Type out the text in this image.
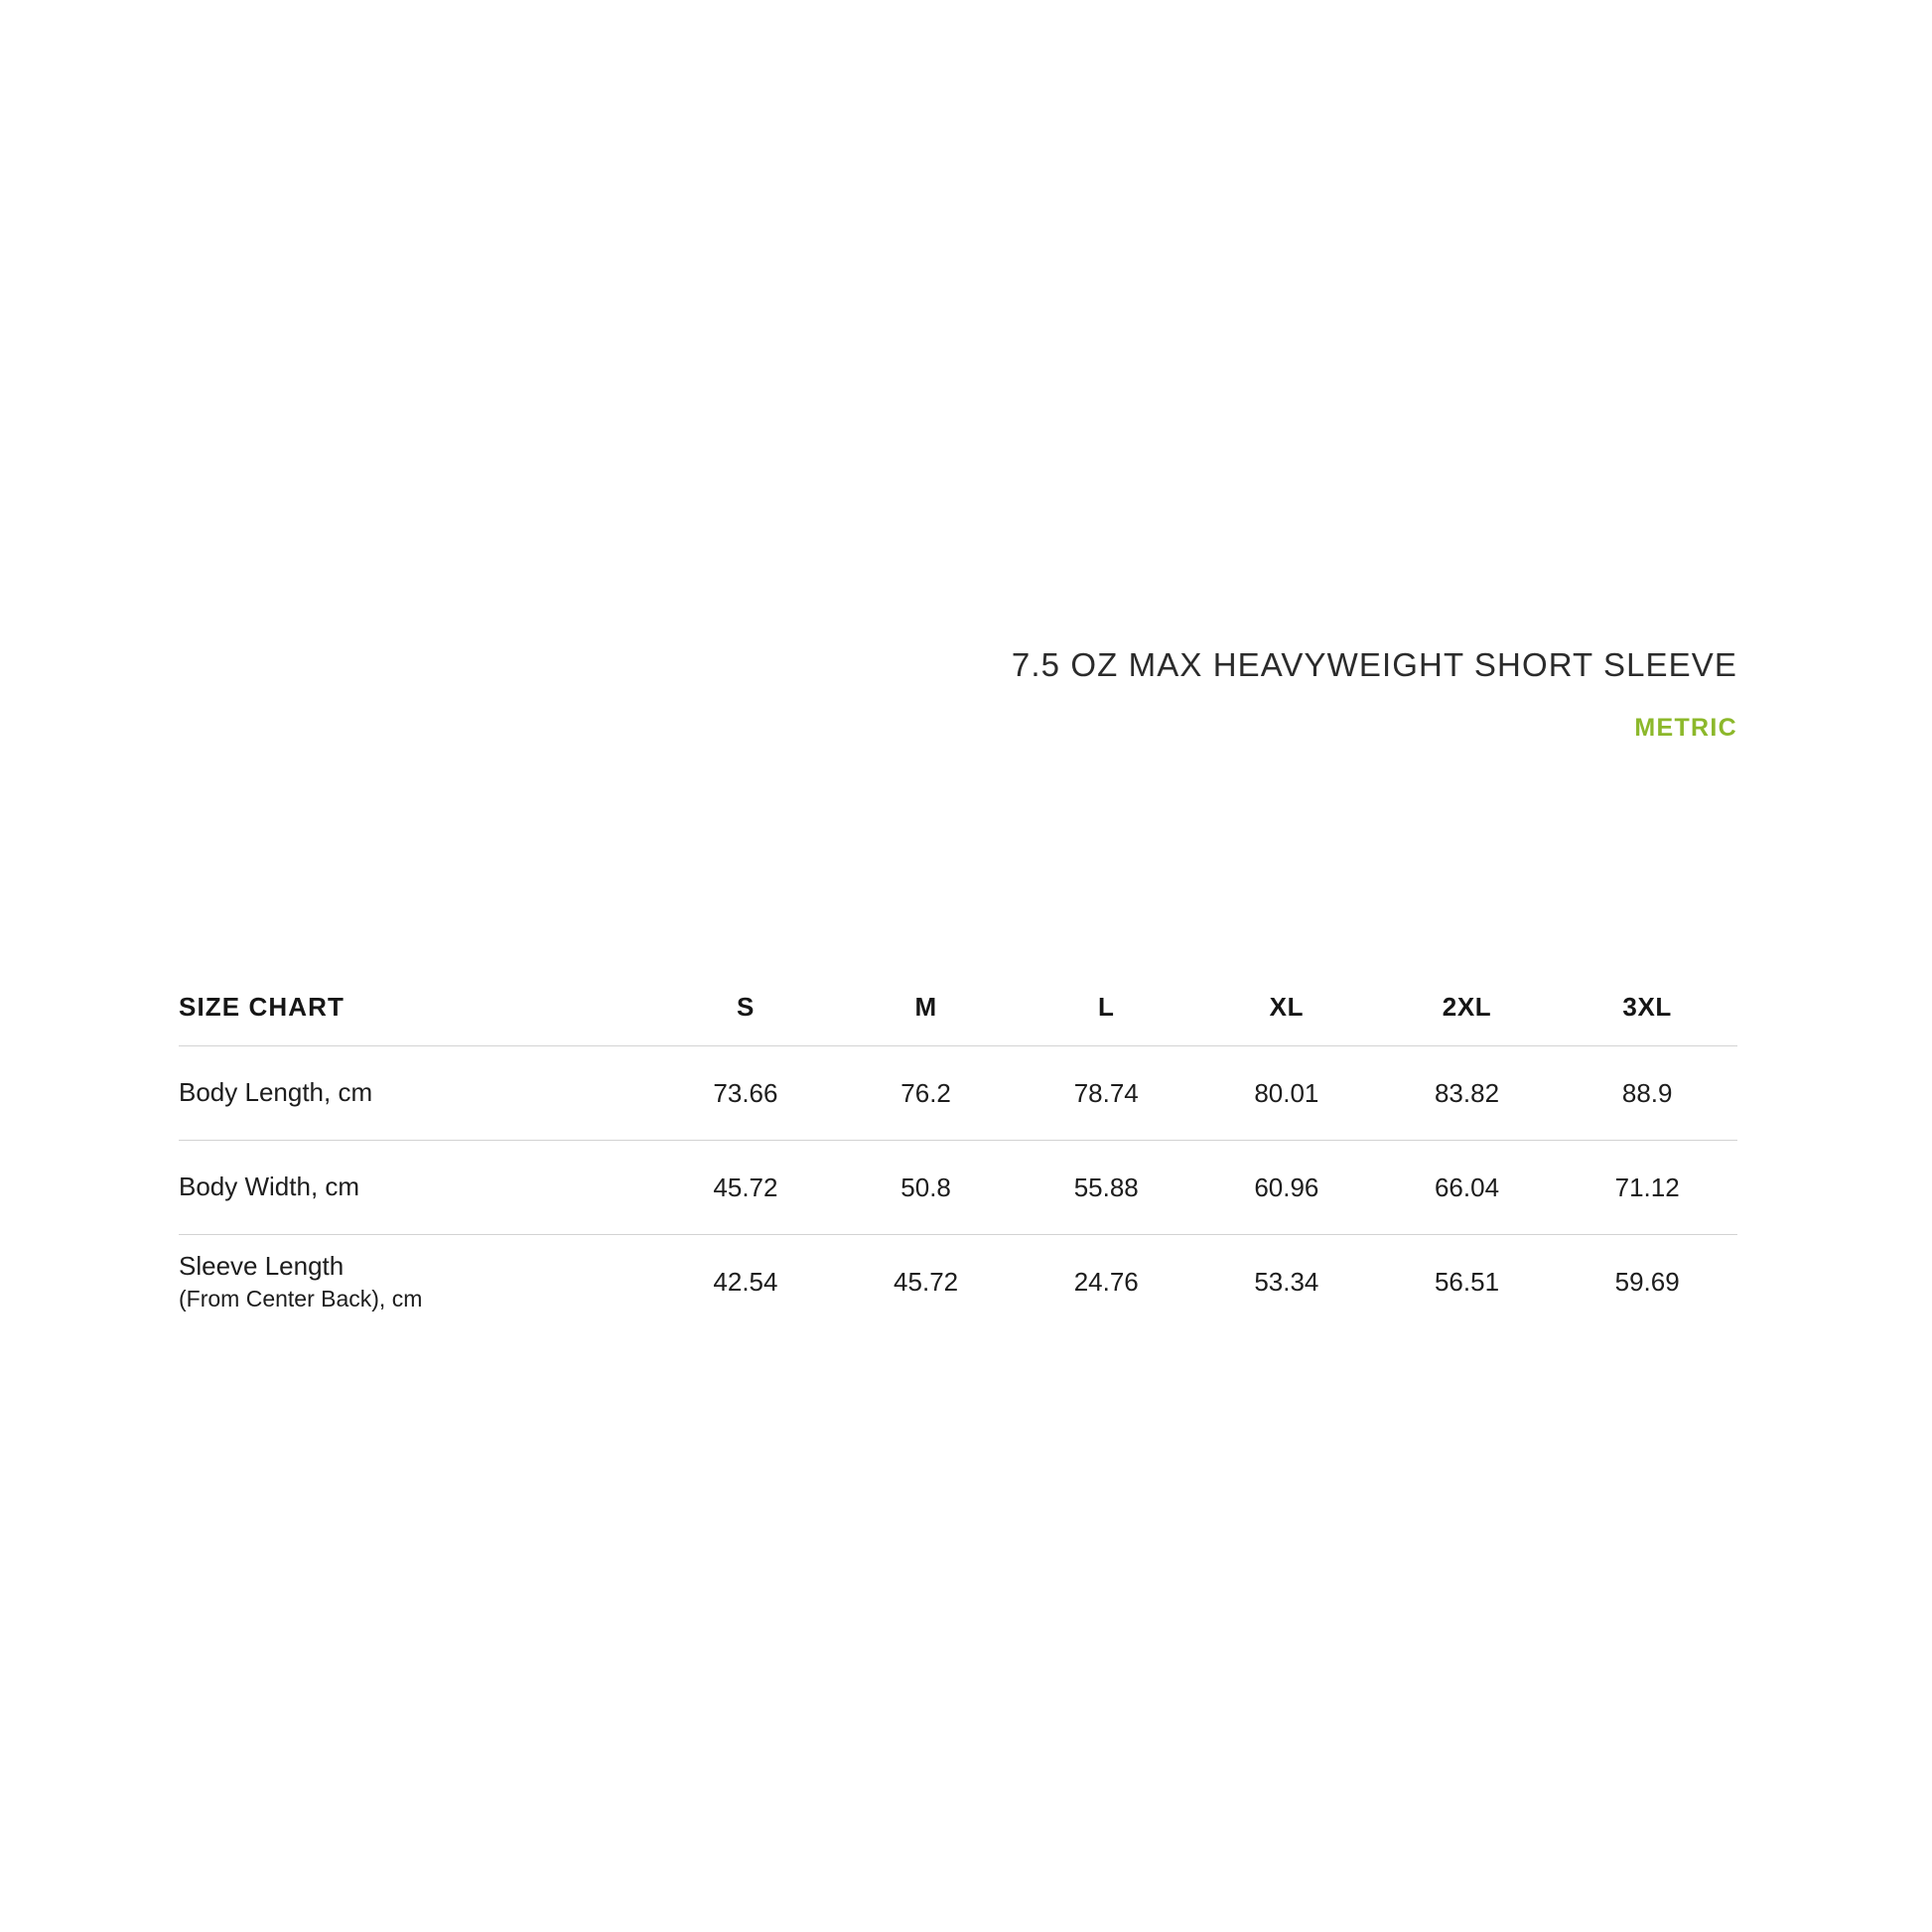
7.5 OZ MAX HEAVYWEIGHT SHORT SLEEVE
METRIC
SIZE CHART	S	M	L	XL	2XL	3XL
Body Length, cm	73.66	76.2	78.74	80.01	83.82	88.9
Body Width, cm	45.72	50.8	55.88	60.96	66.04	71.12
Sleeve Length
(From Center Back), cm	42.54	45.72	24.76	53.34	56.51	59.69
